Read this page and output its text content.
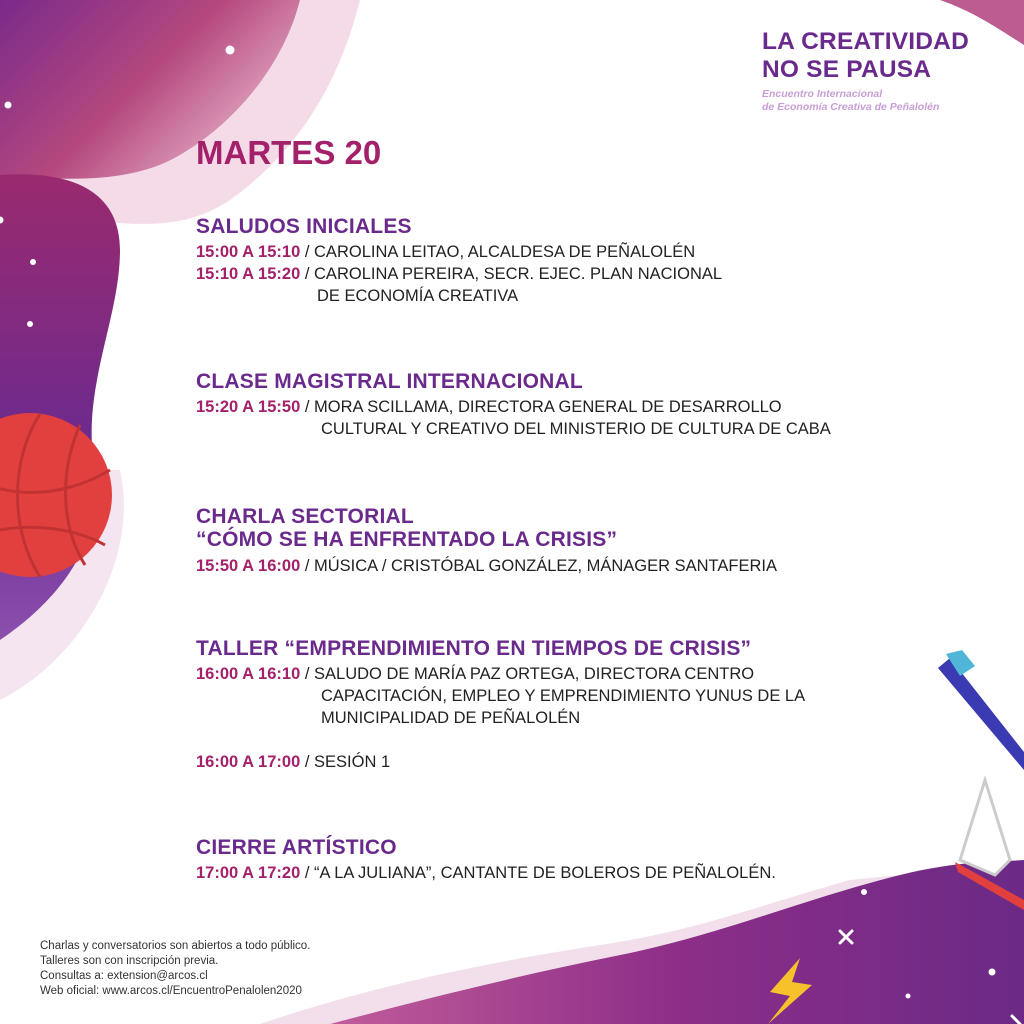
LA CREATIVIDAD
NO SE PAUSA
Encuentro Internacional
de Economía Creativa de Peñalolén
MARTES 20
SALUDOS INICIALES
15:00 A 15:10 / CAROLINA LEITAO, ALCALDESA DE PEÑALOLÉN
15:10 A 15:20 / CAROLINA PEREIRA, SECR. EJEC. PLAN NACIONAL
DE ECONOMÍA CREATIVA
CLASE MAGISTRAL INTERNACIONAL
15:20 A 15:50 / MORA SCILLAMA, DIRECTORA GENERAL DE DESARROLLO
CULTURAL Y CREATIVO DEL MINISTERIO DE CULTURA DE CABA
CHARLA SECTORIAL
“CÓMO SE HA ENFRENTADO LA CRISIS”
15:50 A 16:00 / MÚSICA / CRISTÓBAL GONZÁLEZ, MÁNAGER SANTAFERIA
TALLER “EMPRENDIMIENTO EN TIEMPOS DE CRISIS”
16:00 A 16:10 / SALUDO DE MARÍA PAZ ORTEGA, DIRECTORA CENTRO
CAPACITACIÓN, EMPLEO Y EMPRENDIMIENTO YUNUS DE LA
MUNICIPALIDAD DE PEÑALOLÉN
16:00 A 17:00 / SESIÓN 1
CIERRE ARTÍSTICO
17:00 A 17:20 / “A LA JULIANA”, CANTANTE DE BOLEROS DE PEÑALOLÉN.
Charlas y conversatorios son abiertos a todo público.
Talleres son con inscripción previa.
Consultas a: extension@arcos.cl
Web oficial: www.arcos.cl/EncuentroPenalolen2020
